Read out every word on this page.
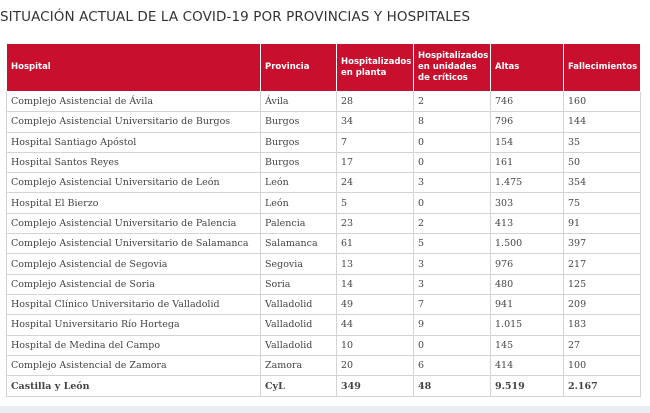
SITUACIÓN ACTUAL DE LA COVID-19 POR PROVINCIAS Y HOSPITALES
Hospital	Provincia	Hospitalizados en planta	Hospitalizados en unidades de críticos	Altas	Fallecimientos
Complejo Asistencial de Ávila	Ávila	28	2	746	160
Complejo Asistencial Universitario de Burgos	Burgos	34	8	796	144
Hospital Santiago Apóstol	Burgos	7	0	154	35
Hospital Santos Reyes	Burgos	17	0	161	50
Complejo Asistencial Universitario de León	León	24	3	1.475	354
Hospital El Bierzo	León	5	0	303	75
Complejo Asistencial Universitario de Palencia	Palencia	23	2	413	91
Complejo Asistencial Universitario de Salamanca	Salamanca	61	5	1.500	397
Complejo Asistencial de Segovia	Segovia	13	3	976	217
Complejo Asistencial de Soria	Soria	14	3	480	125
Hospital Clínico Universitario de Valladolid	Valladolid	49	7	941	209
Hospital Universitario Río Hortega	Valladolid	44	9	1.015	183
Hospital de Medina del Campo	Valladolid	10	0	145	27
Complejo Asistencial de Zamora	Zamora	20	6	414	100
Castilla y León	CyL	349	48	9.519	2.167
